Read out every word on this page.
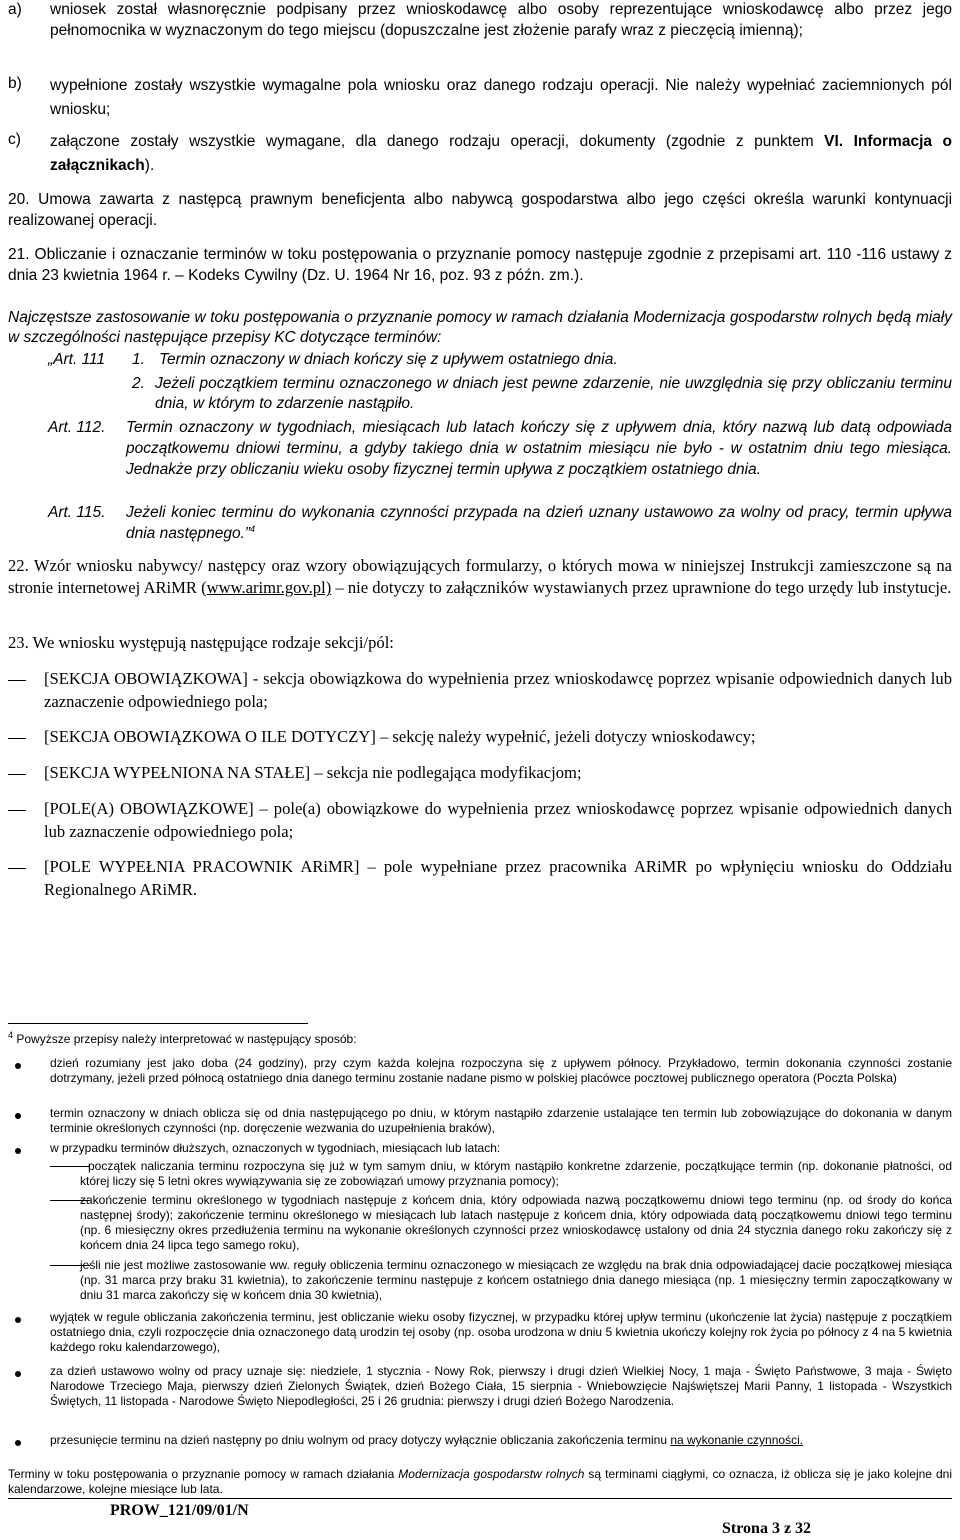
a) wniosek został własnoręcznie podpisany przez wnioskodawcę albo osoby reprezentujące wnioskodawcę albo przez jego pełnomocnika w wyznaczonym do tego miejscu (dopuszczalne jest złożenie parafy wraz z pieczęcią imienną);

b) wypełnione zostały wszystkie wymagalne pola wniosku oraz danego rodzaju operacji. Nie należy wypełniać zaciemnionych pól wniosku;

c) załączone zostały wszystkie wymagane, dla danego rodzaju operacji, dokumenty (zgodnie z punktem VI. Informacja o załącznikach).

20. Umowa zawarta z następcą prawnym beneficjenta albo nabywcą gospodarstwa albo jego części określa warunki kontynuacji realizowanej operacji.

21. Obliczanie i oznaczanie terminów w toku postępowania o przyznanie pomocy następuje zgodnie z przepisami art. 110 -116 ustawy z dnia 23 kwietnia 1964 r. – Kodeks Cywilny (Dz. U. 1964 Nr 16, poz. 93 z późn. zm.).

Najczęstsze zastosowanie w toku postępowania o przyznanie pomocy w ramach działania Modernizacja gospodarstw rolnych będą miały w szczególności następujące przepisy KC dotyczące terminów:

„Art. 111 1. Termin oznaczony w dniach kończy się z upływem ostatniego dnia.
2. Jeżeli początkiem terminu oznaczonego w dniach jest pewne zdarzenie, nie uwzględnia się przy obliczaniu terminu dnia, w którym to zdarzenie nastąpiło.

Art. 112. Termin oznaczony w tygodniach, miesiącach lub latach kończy się z upływem dnia, który nazwą lub datą odpowiada początkowemu dniowi terminu, a gdyby takiego dnia w ostatnim miesiącu nie było - w ostatnim dniu tego miesiąca. Jednakże przy obliczaniu wieku osoby fizycznej termin upływa z początkiem ostatniego dnia.

Art. 115. Jeżeli koniec terminu do wykonania czynności przypada na dzień uznany ustawowo za wolny od pracy, termin upływa dnia następnego.”$^4$

22. Wzór wniosku nabywcy/ następcy oraz wzory obowiązujących formularzy, o których mowa w niniejszej Instrukcji zamieszczone są na stronie internetowej ARiMR (www.arimr.gov.pl) – nie dotyczy to załączników wystawianych przez uprawnione do tego urzędy lub instytucje.

23. We wniosku występują następujące rodzaje sekcji/pól:

[SEKCJA OBOWIĄZKOWA] - sekcja obowiązkowa do wypełnienia przez wnioskodawcę poprzez wpisanie odpowiednich danych lub zaznaczenie odpowiedniego pola;

[SEKCJA OBOWIĄZKOWA O ILE DOTYCZY] – sekcję należy wypełnić, jeżeli dotyczy wnioskodawcy;

[SEKCJA WYPEŁNIONA NA STAŁE] – sekcja nie podlegająca modyfikacjom;

[POLE(A) OBOWIĄZKOWE] – pole(a) obowiązkowe do wypełnienia przez wnioskodawcę poprzez wpisanie odpowiednich danych lub zaznaczenie odpowiedniego pola;

[POLE WYPEŁNIA PRACOWNIK ARiMR] – pole wypełniane przez pracownika ARiMR po wpłynięciu wniosku do Oddziału Regionalnego ARiMR.

$^4$ Powyższe przepisy należy interpretować w następujący sposób:

dzień rozumiany jest jako doba (24 godziny), przy czym każda kolejna rozpoczyna się z upływem północy. Przykładowo, termin dokonania czynności zostanie dotrzymany, jeżeli przed północą ostatniego dnia danego terminu zostanie nadane pismo w polskiej placówce pocztowej publicznego operatora (Poczta Polska)

termin oznaczony w dniach oblicza się od dnia następującego po dniu, w którym nastąpiło zdarzenie ustalające ten termin lub zobowiązujące do dokonania w danym terminie określonych czynności (np. doręczenie wezwania do uzupełnienia braków),

w przypadku terminów dłuższych, oznaczonych w tygodniach, miesiącach lub latach:

początek naliczania terminu rozpoczyna się już w tym samym dniu, w którym nastąpiło konkretne zdarzenie, początkujące termin (np. dokonanie płatności, od której liczy się 5 letni okres wywiązywania się ze zobowiązań umowy przyznania pomocy);

zakończenie terminu określonego w tygodniach następuje z końcem dnia, który odpowiada nazwą początkowemu dniowi tego terminu (np. od środy do końca następnej środy); zakończenie terminu określonego w miesiącach lub latach następuje z końcem dnia, który odpowiada datą początkowemu dniowi tego terminu (np. 6 miesięczny okres przedłużenia terminu na wykonanie określonych czynności przez wnioskodawcę ustalony od dnia 24 stycznia danego roku zakończy się z końcem dnia 24 lipca tego samego roku),

jeśli nie jest możliwe zastosowanie ww. reguły obliczenia terminu oznaczonego w miesiącach ze względu na brak dnia odpowiadającej dacie początkowej miesiąca (np. 31 marca przy braku 31 kwietnia), to zakończenie terminu następuje z końcem ostatniego dnia danego miesiąca (np. 1 miesięczny termin zapoczątkowany w dniu 31 marca zakończy się w końcem dnia 30 kwietnia),

wyjątek w regule obliczania zakończenia terminu, jest obliczanie wieku osoby fizycznej, w przypadku której upływ terminu (ukończenie lat życia) następuje z początkiem ostatniego dnia, czyli rozpoczęcie dnia oznaczonego datą urodzin tej osoby (np. osoba urodzona w dniu 5 kwietnia ukończy kolejny rok życia po północy z 4 na 5 kwietnia każdego roku kalendarzowego),

za dzień ustawowo wolny od pracy uznaje się: niedziele, 1 stycznia - Nowy Rok, pierwszy i drugi dzień Wielkiej Nocy, 1 maja - Święto Państwowe, 3 maja - Święto Narodowe Trzeciego Maja, pierwszy dzień Zielonych Świątek, dzień Bożego Ciała, 15 sierpnia - Wniebowzięcie Najświętszej Marii Panny, 1 listopada - Wszystkich Świętych, 11 listopada - Narodowe Święto Niepodległości, 25 i 26 grudnia: pierwszy i drugi dzień Bożego Narodzenia.

przesunięcie terminu na dzień następny po dniu wolnym od pracy dotyczy wyłącznie obliczania zakończenia terminu na wykonanie czynności.

Terminy w toku postępowania o przyznanie pomocy w ramach działania Modernizacja gospodarstw rolnych są terminami ciągłymi, co oznacza, iż oblicza się je jako kolejne dni kalendarzowe, kolejne miesiące lub lata.

PROW_121/09/01/N
Strona 3 z 32
